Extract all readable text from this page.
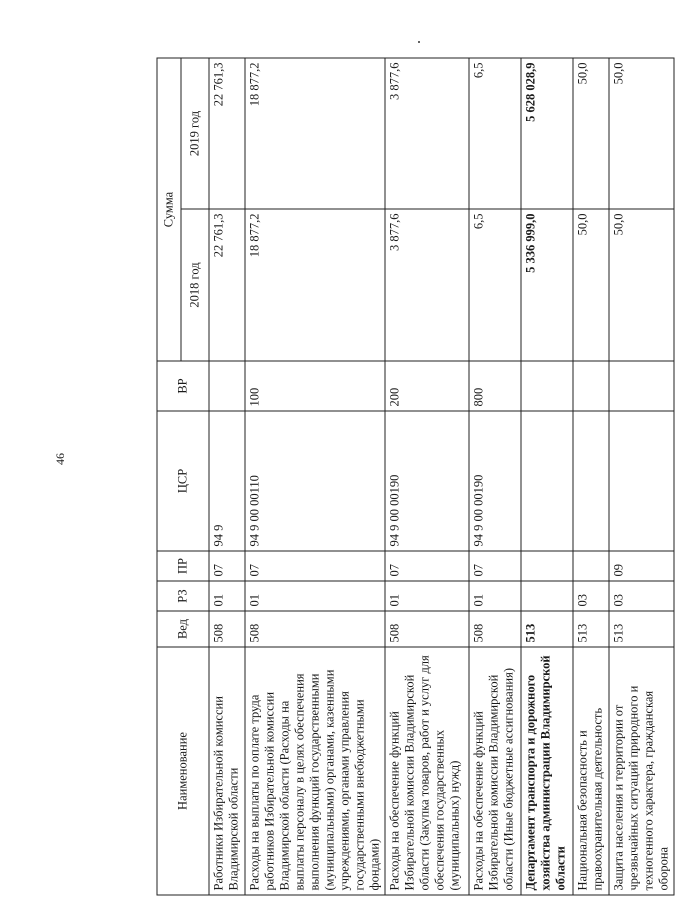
46
Наименование	Вед	РЗ	ПР	ЦСР	ВР	Сумма	
						2018 год	2019 год
Работники Избирательной комиссии Владимирской области	508	01	07	94 9		22 761,3	22 761,3
Расходы на выплаты по оплате труда работников Избирательной комиссии Владимирской области (Расходы на выплаты персоналу в целях обеспечения выполнения функций государственными (муниципальными) органами, казенными учреждениями, органами управления государственными внебюджетными фондами)	508	01	07	94 9 00 00110	100	18 877,2	18 877,2
Расходы на обеспечение функций Избирательной комиссии Владимирской области (Закупка товаров, работ и услуг для обеспечения государственных (муниципальных) нужд)	508	01	07	94 9 00 00190	200	3 877,6	3 877,6
Расходы на обеспечение функций Избирательной комиссии Владимирской области (Иные бюджетные ассигнования)	508	01	07	94 9 00 00190	800	6,5	6,5
Департамент транспорта и дорожного хозяйства администрации Владимирской области	513					5 336 999,0	5 628 028,9
Национальная безопасность и правоохранительная деятельность	513	03				50,0	50,0
Защита населения и территории от чрезвычайных ситуаций природного и техногенного характера, гражданская оборона	513	03	09			50,0	50,0
